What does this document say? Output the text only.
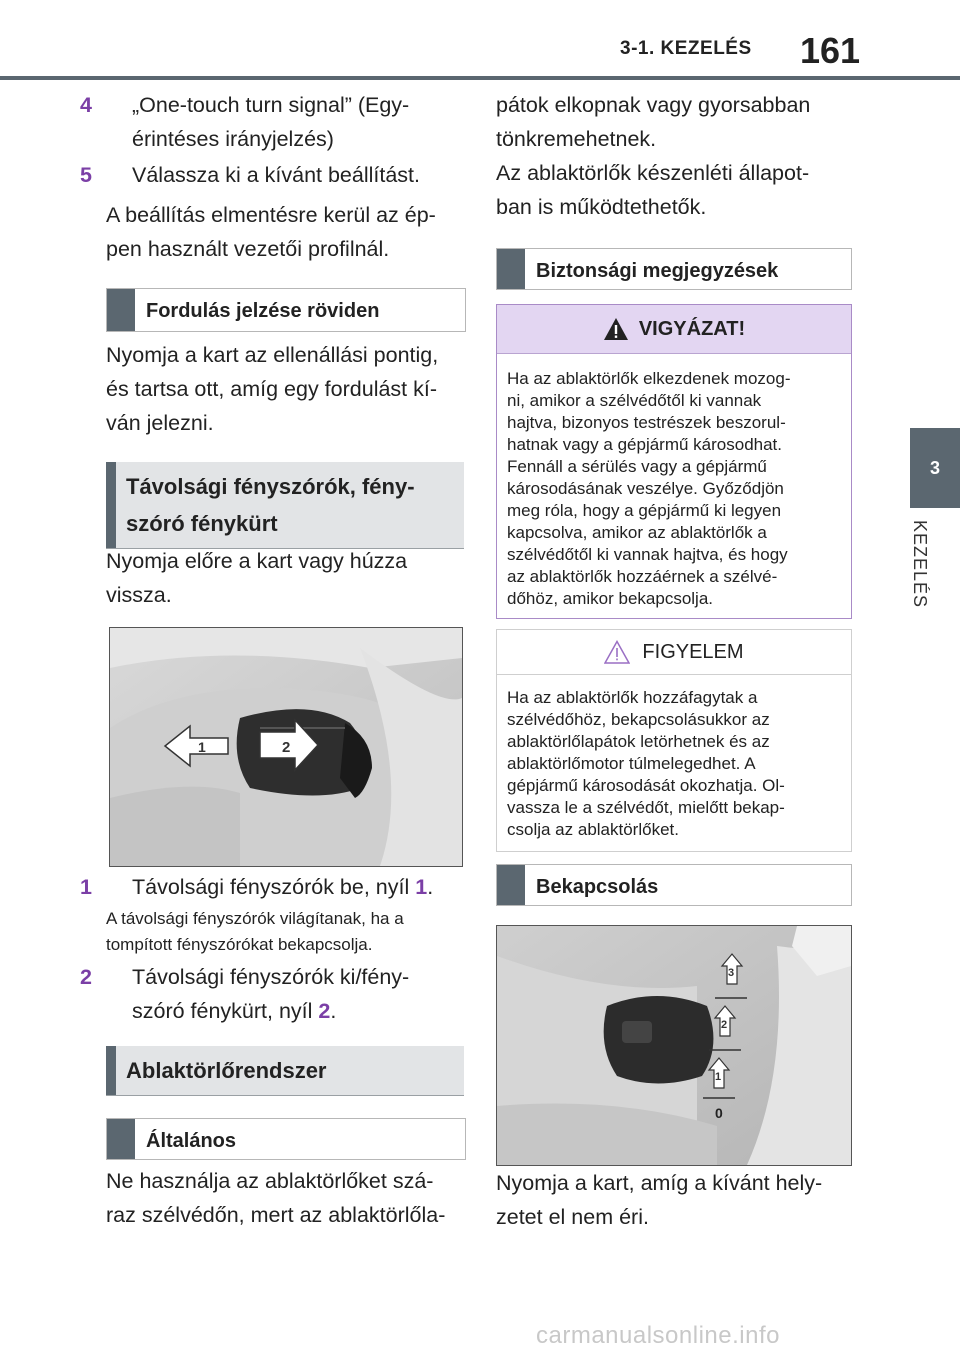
3-1. KEZELÉS 161
3
KEZELÉS
4 „One-touch turn signal” (Egy-
érintéses irányjelzés)
5 Válassza ki a kívánt beállítást.
A beállítás elmentésre kerül az ép-
pen használt vezetői profilnál.
Fordulás jelzése röviden
Nyomja a kart az ellenállási pontig,
és tartsa ott, amíg egy fordulást kí-
ván jelezni.
Távolsági fényszórók, fény-
szóró fénykürt
Nyomja előre a kart vagy húzza
vissza.
1	2
1 Távolsági fényszórók be, nyíl 1.
A távolsági fényszórók világítanak, ha a
tompított fényszórókat bekapcsolja.
2 Távolsági fényszórók ki/fény-
szóró fénykürt, nyíl 2.
Ablaktörlőrendszer
Általános
Ne használja az ablaktörlőket szá-
raz szélvédőn, mert az ablaktörlőla-
pátok elkopnak vagy gyorsabban
tönkremehetnek.
Az ablaktörlők készenléti állapot-
ban is működtethetők.
Biztonsági megjegyzések
VIGYÁZAT!
Ha az ablaktörlők elkezdenek mozog-
ni, amikor a szélvédőtől ki vannak
hajtva, bizonyos testrészek beszorul-
hatnak vagy a gépjármű károsodhat.
Fennáll a sérülés vagy a gépjármű
károsodásának veszélye. Győződjön
meg róla, hogy a gépjármű ki legyen
kapcsolva, amikor az ablaktörlők a
szélvédőtől ki vannak hajtva, és hogy
az ablaktörlők hozzáérnek a szélvé-
dőhöz, amikor bekapcsolja.
FIGYELEM
Ha az ablaktörlők hozzáfagytak a
szélvédőhöz, bekapcsolásukkor az
ablaktörlőlapátok letörhetnek és az
ablaktörlőmotor túlmelegedhet. A
gépjármű károsodását okozhatja. Ol-
vassza le a szélvédőt, mielőtt bekap-
csolja az ablaktörlőket.
Bekapcsolás
3
2
1
0
Nyomja a kart, amíg a kívánt hely-
zetet el nem éri.
carmanualsonline.info
